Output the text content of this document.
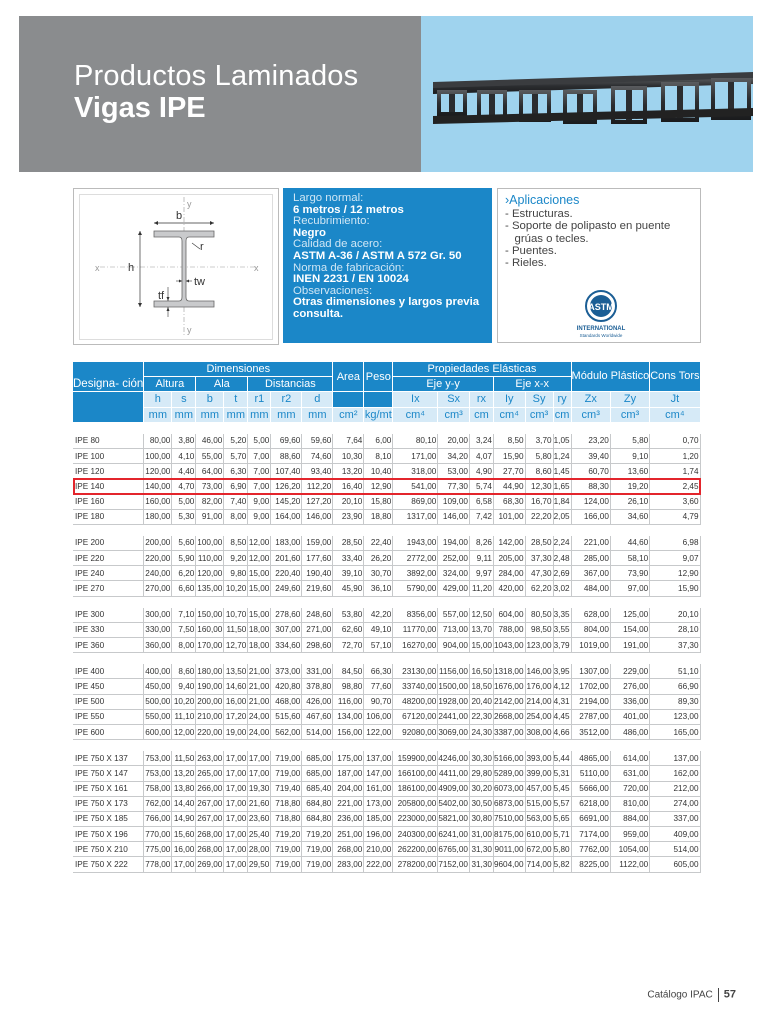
Productos Laminados
Vigas IPE
b
h
r
tw
tf
x	x
y
y
Largo normal:
6 metros / 12 metros
Recubrimiento:
Negro
Calidad de acero:
ASTM A-36 / ASTM A 572 Gr. 50
Norma de fabricación:
INEN 2231 / EN 10024
Observaciones:
Otras dimensiones y largos previa consulta.
›Aplicaciones
- Estructuras.
- Soporte de polipasto en puente
grúas o tecles.
- Puentes.
- Rieles.
ASTM
INTERNATIONAL
Standards Worldwide
Designa- ción	Dimensiones							Area	Peso	Propiedades Elásticas						Módulo Plástico		Cons Tors
	Altura		Ala		Distancias					Eje y-y			Eje x-x					
	h	s	b	t	r1	r2	d			Ix	Sx	rx	Iy	Sy	ry	Zx	Zy	Jt
	mm	mm	mm	mm	mm	mm	mm	cm²	kg/mt	cm⁴	cm³	cm	cm⁴	cm³	cm	cm³	cm³	cm⁴

IPE 80	80,00	3,80	46,00	5,20	5,00	69,60	59,60	7,64	6,00	80,10	20,00	3,24	8,50	3,70	1,05	23,20	5,80	0,70
IPE 100	100,00	4,10	55,00	5,70	7,00	88,60	74,60	10,30	8,10	171,00	34,20	4,07	15,90	5,80	1,24	39,40	9,10	1,20
IPE 120	120,00	4,40	64,00	6,30	7,00	107,40	93,40	13,20	10,40	318,00	53,00	4,90	27,70	8,60	1,45	60,70	13,60	1,74
IPE 140	140,00	4,70	73,00	6,90	7,00	126,20	112,20	16,40	12,90	541,00	77,30	5,74	44,90	12,30	1,65	88,30	19,20	2,45
IPE 160	160,00	5,00	82,00	7,40	9,00	145,20	127,20	20,10	15,80	869,00	109,00	6,58	68,30	16,70	1,84	124,00	26,10	3,60
IPE 180	180,00	5,30	91,00	8,00	9,00	164,00	146,00	23,90	18,80	1317,00	146,00	7,42	101,00	22,20	2,05	166,00	34,60	4,79

IPE 200	200,00	5,60	100,00	8,50	12,00	183,00	159,00	28,50	22,40	1943,00	194,00	8,26	142,00	28,50	2,24	221,00	44,60	6,98
IPE 220	220,00	5,90	110,00	9,20	12,00	201,60	177,60	33,40	26,20	2772,00	252,00	9,11	205,00	37,30	2,48	285,00	58,10	9,07
IPE 240	240,00	6,20	120,00	9,80	15,00	220,40	190,40	39,10	30,70	3892,00	324,00	9,97	284,00	47,30	2,69	367,00	73,90	12,90
IPE 270	270,00	6,60	135,00	10,20	15,00	249,60	219,60	45,90	36,10	5790,00	429,00	11,20	420,00	62,20	3,02	484,00	97,00	15,90

IPE 300	300,00	7,10	150,00	10,70	15,00	278,60	248,60	53,80	42,20	8356,00	557,00	12,50	604,00	80,50	3,35	628,00	125,00	20,10
IPE 330	330,00	7,50	160,00	11,50	18,00	307,00	271,00	62,60	49,10	11770,00	713,00	13,70	788,00	98,50	3,55	804,00	154,00	28,10
IPE 360	360,00	8,00	170,00	12,70	18,00	334,60	298,60	72,70	57,10	16270,00	904,00	15,00	1043,00	123,00	3,79	1019,00	191,00	37,30

IPE 400	400,00	8,60	180,00	13,50	21,00	373,00	331,00	84,50	66,30	23130,00	1156,00	16,50	1318,00	146,00	3,95	1307,00	229,00	51,10
IPE 450	450,00	9,40	190,00	14,60	21,00	420,80	378,80	98,80	77,60	33740,00	1500,00	18,50	1676,00	176,00	4,12	1702,00	276,00	66,90
IPE 500	500,00	10,20	200,00	16,00	21,00	468,00	426,00	116,00	90,70	48200,00	1928,00	20,40	2142,00	214,00	4,31	2194,00	336,00	89,30
IPE 550	550,00	11,10	210,00	17,20	24,00	515,60	467,60	134,00	106,00	67120,00	2441,00	22,30	2668,00	254,00	4,45	2787,00	401,00	123,00
IPE 600	600,00	12,00	220,00	19,00	24,00	562,00	514,00	156,00	122,00	92080,00	3069,00	24,30	3387,00	308,00	4,66	3512,00	486,00	165,00

IPE 750 X 137	753,00	11,50	263,00	17,00	17,00	719,00	685,00	175,00	137,00	159900,00	4246,00	30,30	5166,00	393,00	5,44	4865,00	614,00	137,00
IPE 750 X 147	753,00	13,20	265,00	17,00	17,00	719,00	685,00	187,00	147,00	166100,00	4411,00	29,80	5289,00	399,00	5,31	5110,00	631,00	162,00
IPE 750 X 161	758,00	13,80	266,00	17,00	19,30	719,40	685,40	204,00	161,00	186100,00	4909,00	30,20	6073,00	457,00	5,45	5666,00	720,00	212,00
IPE 750 X 173	762,00	14,40	267,00	17,00	21,60	718,80	684,80	221,00	173,00	205800,00	5402,00	30,50	6873,00	515,00	5,57	6218,00	810,00	274,00
IPE 750 X 185	766,00	14,90	267,00	17,00	23,60	718,80	684,80	236,00	185,00	223000,00	5821,00	30,80	7510,00	563,00	5,65	6691,00	884,00	337,00
IPE 750 X 196	770,00	15,60	268,00	17,00	25,40	719,20	719,20	251,00	196,00	240300,00	6241,00	31,00	8175,00	610,00	5,71	7174,00	959,00	409,00
IPE 750 X 210	775,00	16,00	268,00	17,00	28,00	719,00	719,00	268,00	210,00	262200,00	6765,00	31,30	9011,00	672,00	5,80	7762,00	1054,00	514,00
IPE 750 X 222	778,00	17,00	269,00	17,00	29,50	719,00	719,00	283,00	222,00	278200,00	7152,00	31,30	9604,00	714,00	5,82	8225,00	1122,00	605,00
Catálogo IPAC 57
